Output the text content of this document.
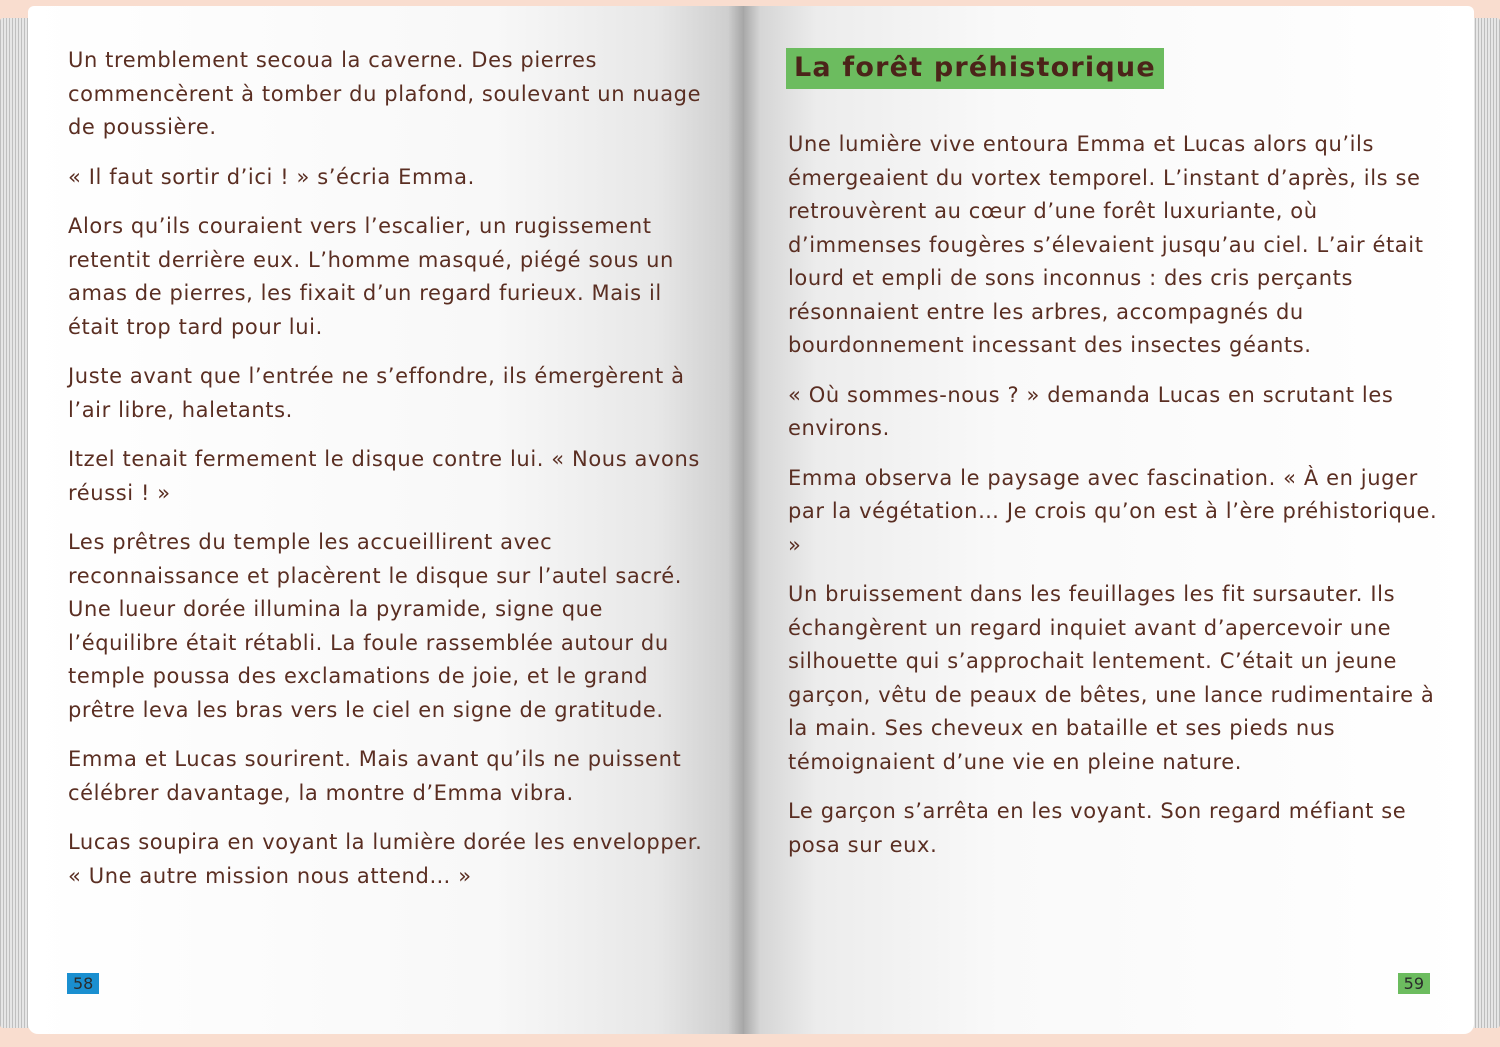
Un tremblement secoua la caverne. Des pierres commencèrent à tomber du plafond, soulevant un nuage de poussière.

« Il faut sortir d’ici ! » s’écria Emma.

Alors qu’ils couraient vers l’escalier, un rugissement retentit derrière eux. L’homme masqué, piégé sous un amas de pierres, les fixait d’un regard furieux. Mais il était trop tard pour lui.

Juste avant que l’entrée ne s’effondre, ils émergèrent à l’air libre, haletants.

Itzel tenait fermement le disque contre lui. « Nous avons réussi ! »

Les prêtres du temple les accueillirent avec reconnaissance et placèrent le disque sur l’autel sacré. Une lueur dorée illumina la pyramide, signe que l’équilibre était rétabli. La foule rassemblée autour du temple poussa des exclamations de joie, et le grand prêtre leva les bras vers le ciel en signe de gratitude.

Emma et Lucas sourirent. Mais avant qu’ils ne puissent célébrer davantage, la montre d’Emma vibra.

Lucas soupira en voyant la lumière dorée les envelopper. « Une autre mission nous attend… »

58
La forêt préhistorique

Une lumière vive entoura Emma et Lucas alors qu’ils émergeaient du vortex temporel. L’instant d’après, ils se retrouvèrent au cœur d’une forêt luxuriante, où d’immenses fougères s’élevaient jusqu’au ciel. L’air était lourd et empli de sons inconnus : des cris perçants résonnaient entre les arbres, accompagnés du bourdonnement incessant des insectes géants.

« Où sommes-nous ? » demanda Lucas en scrutant les environs.

Emma observa le paysage avec fascination. « À en juger par la végétation… Je crois qu’on est à l’ère préhistorique. »

Un bruissement dans les feuillages les fit sursauter. Ils échangèrent un regard inquiet avant d’apercevoir une silhouette qui s’approchait lentement. C’était un jeune garçon, vêtu de peaux de bêtes, une lance rudimentaire à la main. Ses cheveux en bataille et ses pieds nus témoignaient d’une vie en pleine nature.

Le garçon s’arrêta en les voyant. Son regard méfiant se posa sur eux.

59
